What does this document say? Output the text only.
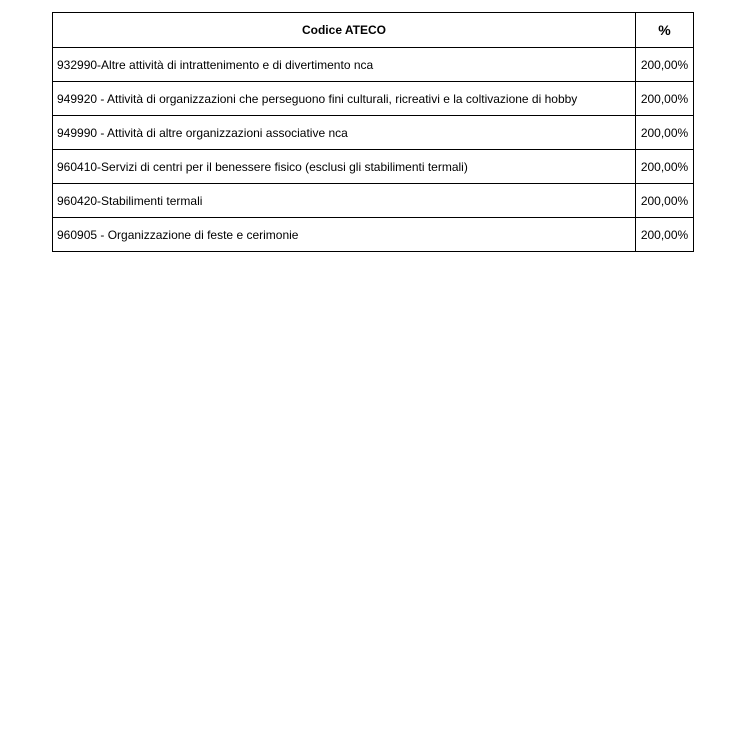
Codice ATECO	%
932990-Altre attività di intrattenimento e di divertimento nca	200,00%
949920 - Attività di organizzazioni che perseguono fini culturali, ricreativi e la coltivazione di hobby	200,00%
949990 - Attività di altre organizzazioni associative nca	200,00%
960410-Servizi di centri per il benessere fisico (esclusi gli stabilimenti termali)	200,00%
960420-Stabilimenti termali	200,00%
960905 - Organizzazione di feste e cerimonie	200,00%
